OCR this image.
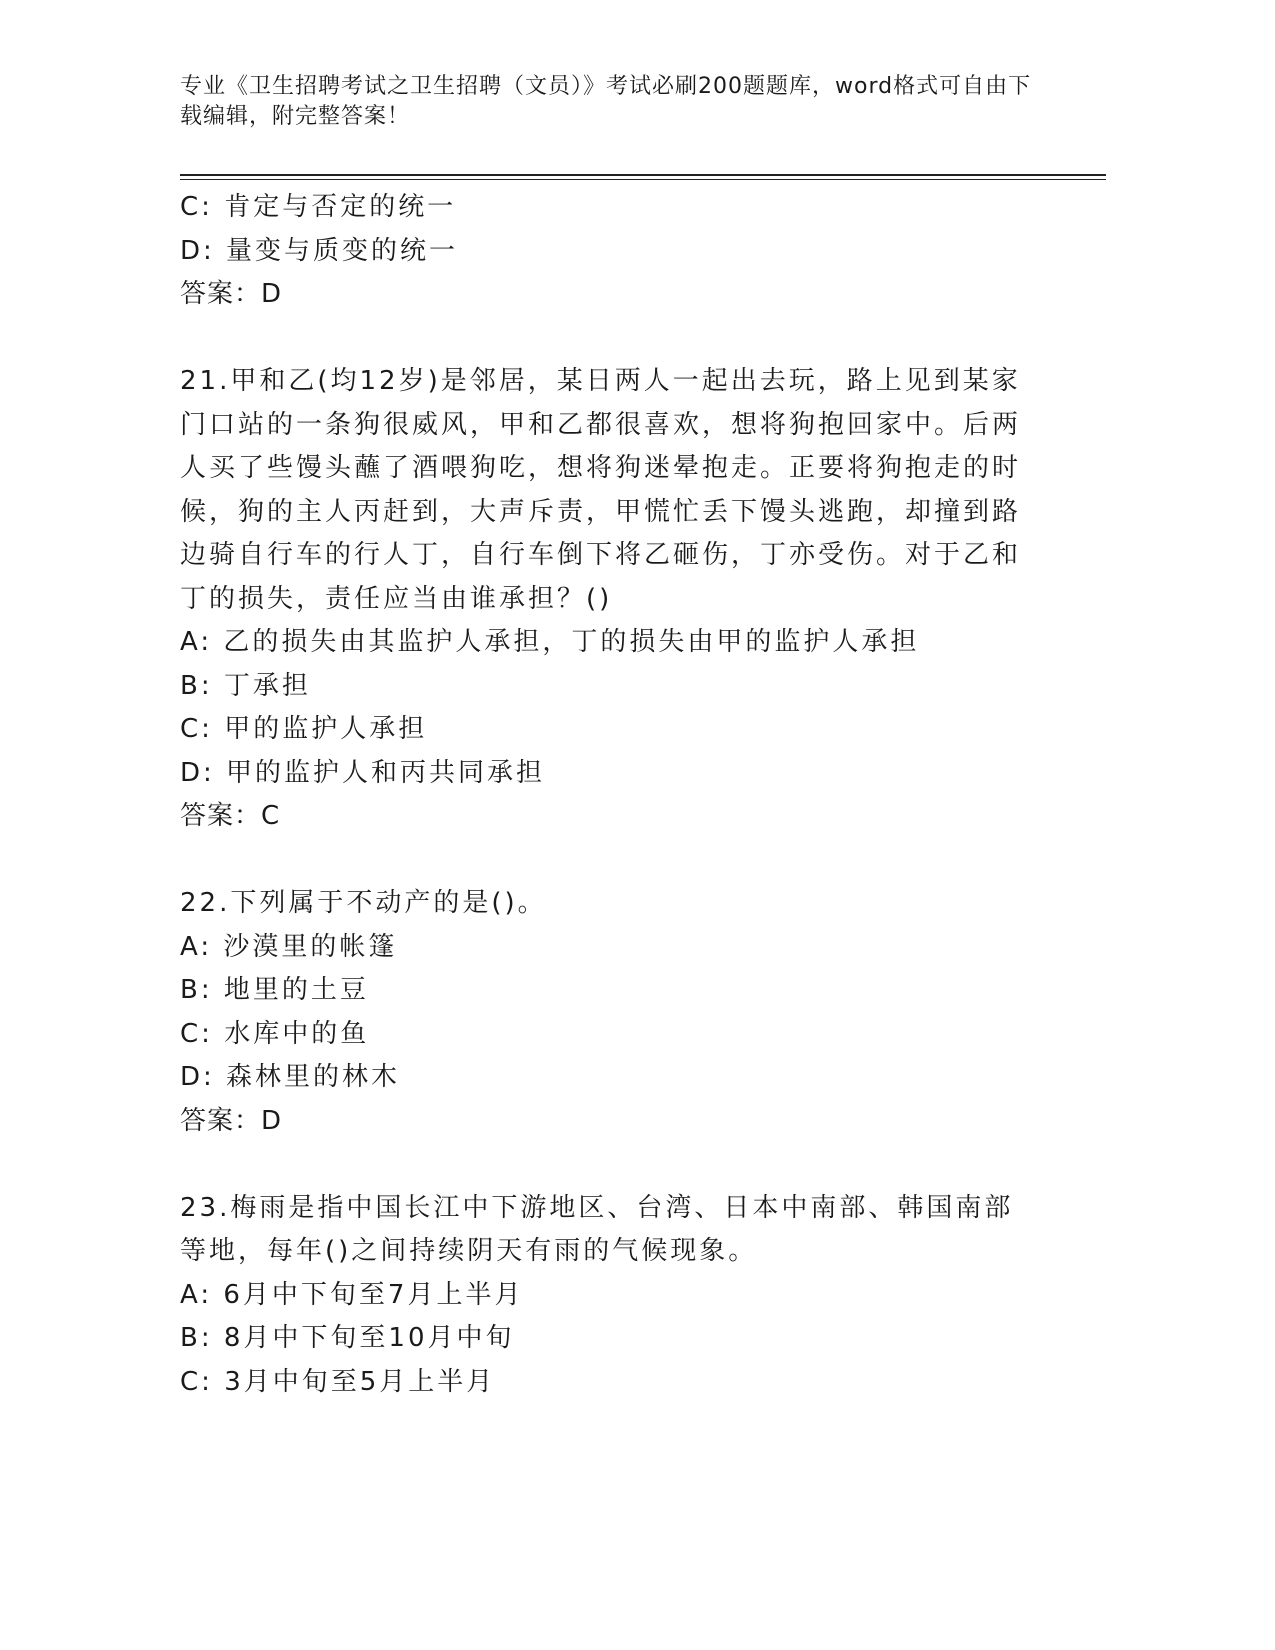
专业《卫生招聘考试之卫生招聘（文员）》考试必刷200题题库，word格式可自由下载编辑，附完整答案！
C: 肯定与否定的统一
D: 量变与质变的统一
答案：D
21.甲和乙(均12岁)是邻居，某日两人一起出去玩，路上见到某家门口站的一条狗很威风，甲和乙都很喜欢，想将狗抱回家中。后两人买了些馒头蘸了酒喂狗吃，想将狗迷晕抱走。正要将狗抱走的时候，狗的主人丙赶到，大声斥责，甲慌忙丢下馒头逃跑，却撞到路边骑自行车的行人丁，自行车倒下将乙砸伤，丁亦受伤。对于乙和丁的损失，责任应当由谁承担？()
A: 乙的损失由其监护人承担，丁的损失由甲的监护人承担
B: 丁承担
C: 甲的监护人承担
D: 甲的监护人和丙共同承担
答案：C
22.下列属于不动产的是()。
A: 沙漠里的帐篷
B: 地里的土豆
C: 水库中的鱼
D: 森林里的林木
答案：D
23.梅雨是指中国长江中下游地区、台湾、日本中南部、韩国南部等地，每年()之间持续阴天有雨的气候现象。
A: 6月中下旬至7月上半月
B: 8月中下旬至10月中旬
C: 3月中旬至5月上半月
